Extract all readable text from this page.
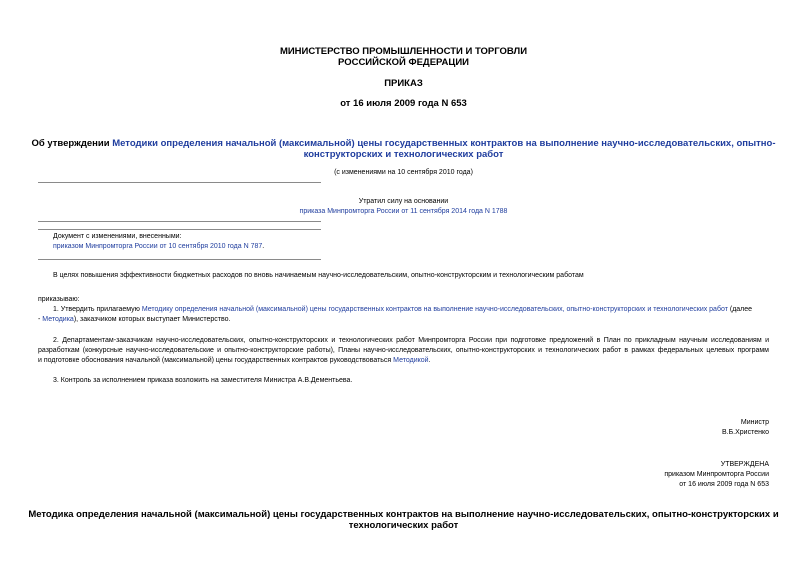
МИНИСТЕРСТВО ПРОМЫШЛЕННОСТИ И ТОРГОВЛИ
РОССИЙСКОЙ ФЕДЕРАЦИИ
ПРИКАЗ
от 16 июля 2009 года N 653
Об утверждении Методики определения начальной (максимальной) цены государственных контрактов на выполнение научно-исследовательских, опытно-
конструкторских и технологических работ
(с изменениями на 10 сентября 2010 года)
Утратил силу на основании
приказа Минпромторга России от 11 сентября 2014 года N 1788
Документ с изменениями, внесенными:
приказом Минпромторга России от 10 сентября 2010 года N 787.
В целях повышения эффективности бюджетных расходов по вновь начинаемым научно-исследовательским, опытно-конструкторским и технологическим работам
приказываю:
1. Утвердить прилагаемую Методику определения начальной (максимальной) цены государственных контрактов на выполнение научно-исследовательских, опытно-конструкторских и технологических работ (далее
- Методика), заказчиком которых выступает Министерство.
2. Департаментам-заказчикам научно-исследовательских, опытно-конструкторских и технологических работ Минпромторга России при подготовке предложений в План по прикладным научным исследованиям и
разработкам (конкурсные научно-исследовательские и опытно-конструкторские работы), Планы научно-исследовательских, опытно-конструкторских и технологических работ в рамках федеральных целевых программ
и подготовке обоснования начальной (максимальной) цены государственных контрактов руководствоваться Методикой.
3. Контроль за исполнением приказа возложить на заместителя Министра А.В.Дементьева.
Министр
В.Б.Христенко
УТВЕРЖДЕНА
приказом Минпромторга России
от 16 июля 2009 года N 653
Методика определения начальной (максимальной) цены государственных контрактов на выполнение научно-исследовательских, опытно-конструкторских и
технологических работ
